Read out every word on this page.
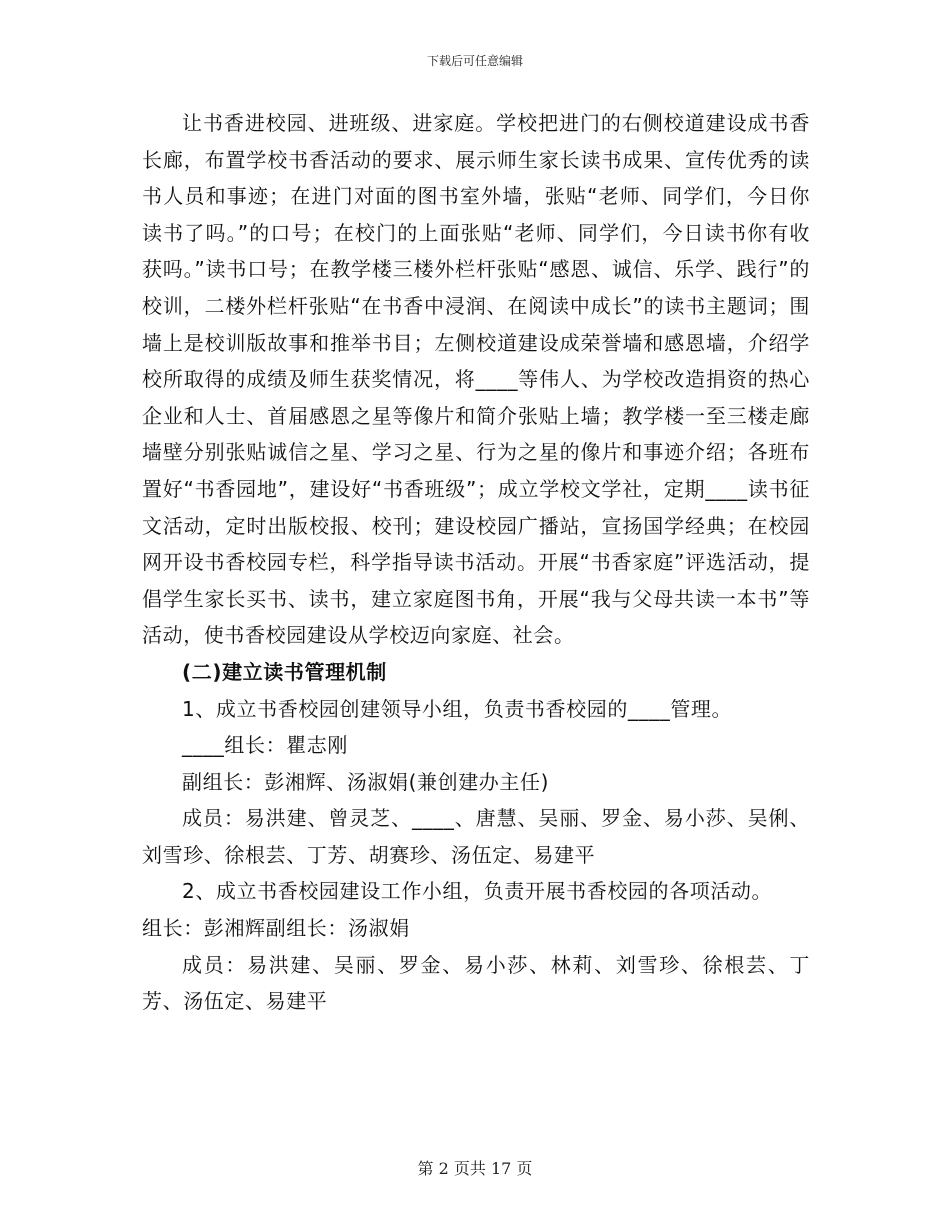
下载后可任意编辑

让书香进校园、进班级、进家庭。学校把进门的右侧校道建设成书香长廊，布置学校书香活动的要求、展示师生家长读书成果、宣传优秀的读书人员和事迹；在进门对面的图书室外墙，张贴“老师、同学们，今日你读书了吗。”的口号；在校门的上面张贴“老师、同学们，今日读书你有收获吗。”读书口号；在教学楼三楼外栏杆张贴“感恩、诚信、乐学、践行”的校训，二楼外栏杆张贴“在书香中浸润、在阅读中成长”的读书主题词；围墙上是校训版故事和推举书目；左侧校道建设成荣誉墙和感恩墙，介绍学校所取得的成绩及师生获奖情况，将____等伟人、为学校改造捐资的热心企业和人士、首届感恩之星等像片和简介张贴上墙；教学楼一至三楼走廊墙壁分别张贴诚信之星、学习之星、行为之星的像片和事迹介绍；各班布置好“书香园地”，建设好“书香班级”；成立学校文学社，定期____读书征文活动，定时出版校报、校刊；建设校园广播站，宣扬国学经典；在校园网开设书香校园专栏，科学指导读书活动。开展“书香家庭”评选活动，提倡学生家长买书、读书，建立家庭图书角，开展“我与父母共读一本书”等活动，使书香校园建设从学校迈向家庭、社会。

(二)建立读书管理机制

1、成立书香校园创建领导小组，负责书香校园的____管理。

____组长：瞿志刚

副组长：彭湘辉、汤淑娟(兼创建办主任)

成员：易洪建、曾灵芝、____、唐慧、吴丽、罗金、易小莎、吴俐、刘雪珍、徐根芸、丁芳、胡赛珍、汤伍定、易建平

2、成立书香校园建设工作小组，负责开展书香校园的各项活动。

组长：彭湘辉副组长：汤淑娟

成员：易洪建、吴丽、罗金、易小莎、林莉、刘雪珍、徐根芸、丁芳、汤伍定、易建平

第 2 页共 17 页
